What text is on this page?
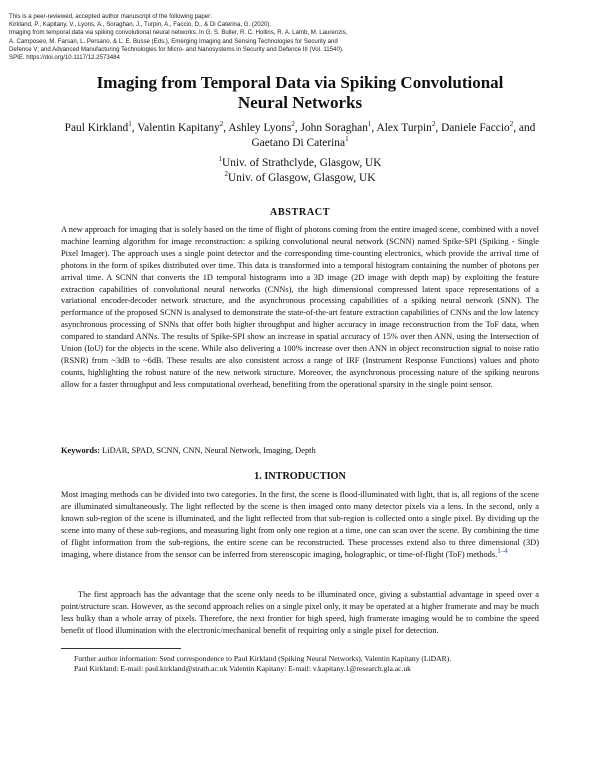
This is a peer-reviewed, accepted author manuscript of the following paper:
Kirkland, P., Kapitany, V., Lyons, A., Soraghan, J., Turpin, A., Faccio, D., & Di Caterina, G. (2020).
Imaging from temporal data via spiking convolutional neural networks. In G. S. Buller, R. C. Hollins, R. A. Lamb, M. Laurenzis,
A. Camposeo, M. Farsari, L. Persano, & L. E. Busse (Eds.), Emerging Imaging and Sensing Technologies for Security and
Defence V; and Advanced Manufacturing Technologies for Micro- and Nanosystems in Security and Defence III (Vol. 11540).
SPIE. https://doi.org/10.1117/12.2573484
Imaging from Temporal Data via Spiking Convolutional
Neural Networks
Paul Kirkland$^1$, Valentin Kapitany$^2$, Ashley Lyons$^2$, John Soraghan$^1$, Alex Turpin$^2$, Daniele Faccio$^2$, and Gaetano Di Caterina$^1$
$^1$Univ. of Strathclyde, Glasgow, UK
$^2$Univ. of Glasgow, Glasgow, UK
ABSTRACT
A new approach for imaging that is solely based on the time of flight of photons coming from the entire imaged scene, combined with a novel machine learning algorithm for image reconstruction: a spiking convolutional neural network (SCNN) named Spike-SPI (Spiking - Single Pixel Imager). The approach uses a single point detector and the corresponding time-counting electronics, which provide the arrival time of photons in the form of spikes distributed over time. This data is transformed into a temporal histogram containing the number of photons per arrival time. A SCNN that converts the 1D temporal histograms into a 3D image (2D image with depth map) by exploiting the feature extraction capabilities of convolutional neural networks (CNNs), the high dimensional compressed latent space representations of a variational encoder-decoder network structure, and the asynchronous processing capabilities of a spiking neural network (SNN). The performance of the proposed SCNN is analysed to demonstrate the state-of-the-art feature extraction capabilities of CNNs and the low latency asynchronous processing of SNNs that offer both higher throughput and higher accuracy in image reconstruction from the ToF data, when compared to standard ANNs. The results of Spike-SPI show an increase in spatial accuracy of 15% over then ANN, using the Intersection of Union (IoU) for the objects in the scene. While also delivering a 100% increase over then ANN in object reconstruction signal to noise ratio (RSNR) from ~3dB to ~6dB. These results are also consistent across a range of IRF (Instrument Response Functions) values and photo counts, highlighting the robust nature of the new network structure. Moreover, the asynchronous processing nature of the spiking neurons allow for a faster throughput and less computational overhead, benefiting from the operational sparsity in the single point sensor.
Keywords: LiDAR, SPAD, SCNN, CNN, Neural Network, Imaging, Depth
1. INTRODUCTION
Most imaging methods can be divided into two categories. In the first, the scene is flood-illuminated with light, that is, all regions of the scene are illuminated simultaneously. The light reflected by the scene is then imaged onto many detector pixels via a lens. In the second, only a known sub-region of the scene is illuminated, and the light reflected from that sub-region is collected onto a single pixel. By dividing up the scene into many of these sub-regions, and measuring light from only one region at a time, one can scan over the scene. By combining the time of flight information from the sub-regions, the entire scene can be reconstructed. These processes extend also to three dimensional (3D) imaging, where distance from the sensor can be inferred from stereoscopic imaging, holographic, or time-of-flight (ToF) methods.$^{1-4}$
The first approach has the advantage that the scene only needs to be illuminated once, giving a substantial advantage in speed over a point/structure scan. However, as the second approach relies on a single pixel only, it may be operated at a higher framerate and may be much less bulky than a whole array of pixels. Therefore, the next frontier for high speed, high framerate imaging would be to combine the speed benefit of flood illumination with the electronic/mechanical benefit of requiring only a single pixel for detection.
Further author information: Send correspondence to Paul Kirkland (Spiking Neural Networks), Valentin Kapitany (LiDAR).
Paul Kirkland: E-mail: paul.kirkland@strath.ac.uk Valentin Kapitany: E-mail: v.kapitany.1@research.gla.ac.uk
